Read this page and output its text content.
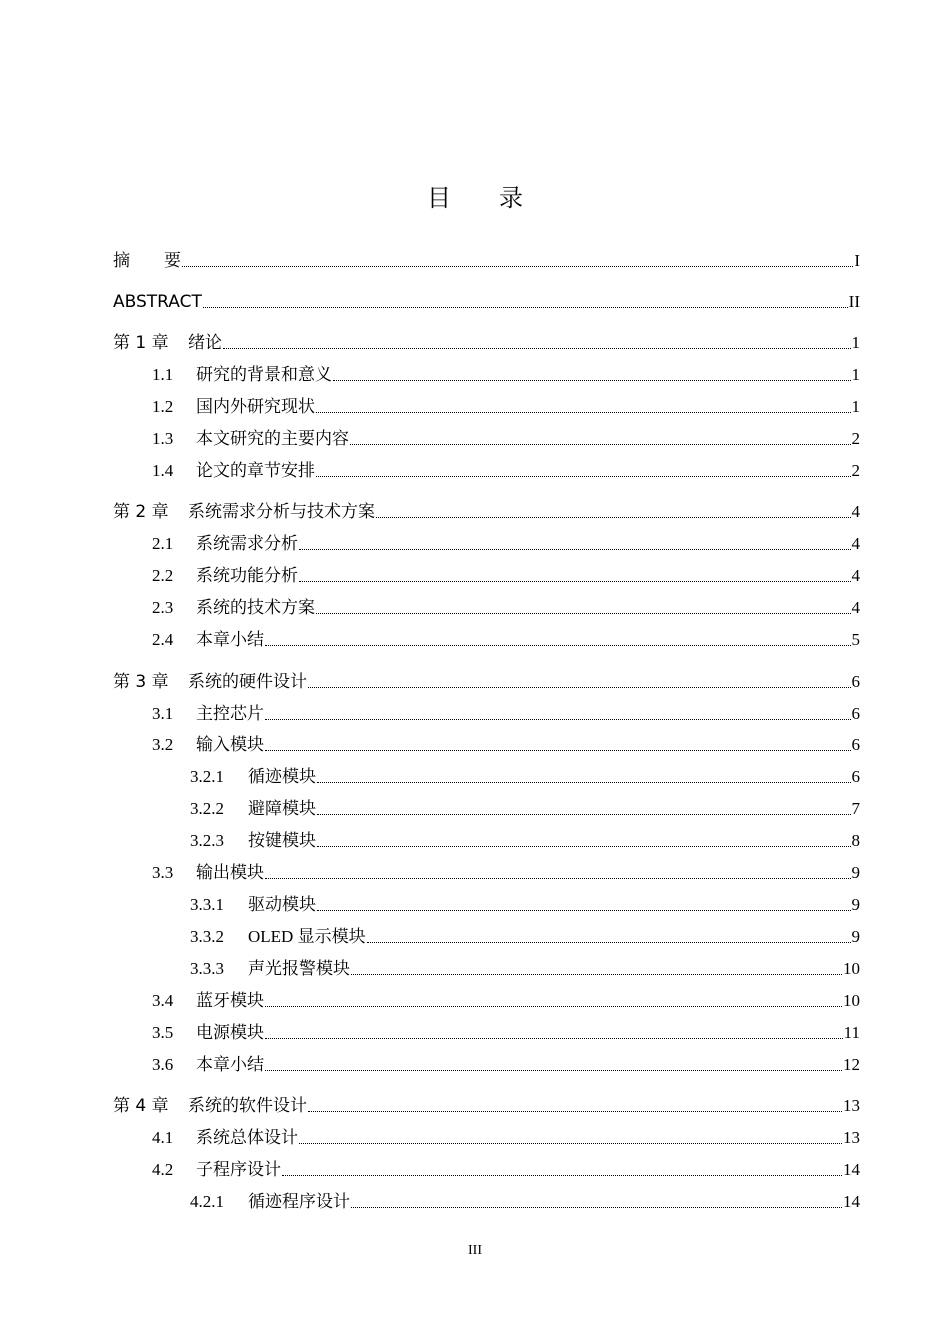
目 录
摘　　要	I
ABSTRACT	II
第 1 章 绪论	1
1.1 研究的背景和意义	1
1.2 国内外研究现状	1
1.3 本文研究的主要内容	2
1.4 论文的章节安排	2
第 2 章 系统需求分析与技术方案	4
2.1 系统需求分析	4
2.2 系统功能分析	4
2.3 系统的技术方案	4
2.4 本章小结	5
第 3 章 系统的硬件设计	6
3.1 主控芯片	6
3.2 输入模块	6
3.2.1 循迹模块	6
3.2.2 避障模块	7
3.2.3 按键模块	8
3.3 输出模块	9
3.3.1 驱动模块	9
3.3.2 OLED 显示模块	9
3.3.3 声光报警模块	10
3.4 蓝牙模块	10
3.5 电源模块	11
3.6 本章小结	12
第 4 章 系统的软件设计	13
4.1 系统总体设计	13
4.2 子程序设计	14
4.2.1 循迹程序设计	14
III
